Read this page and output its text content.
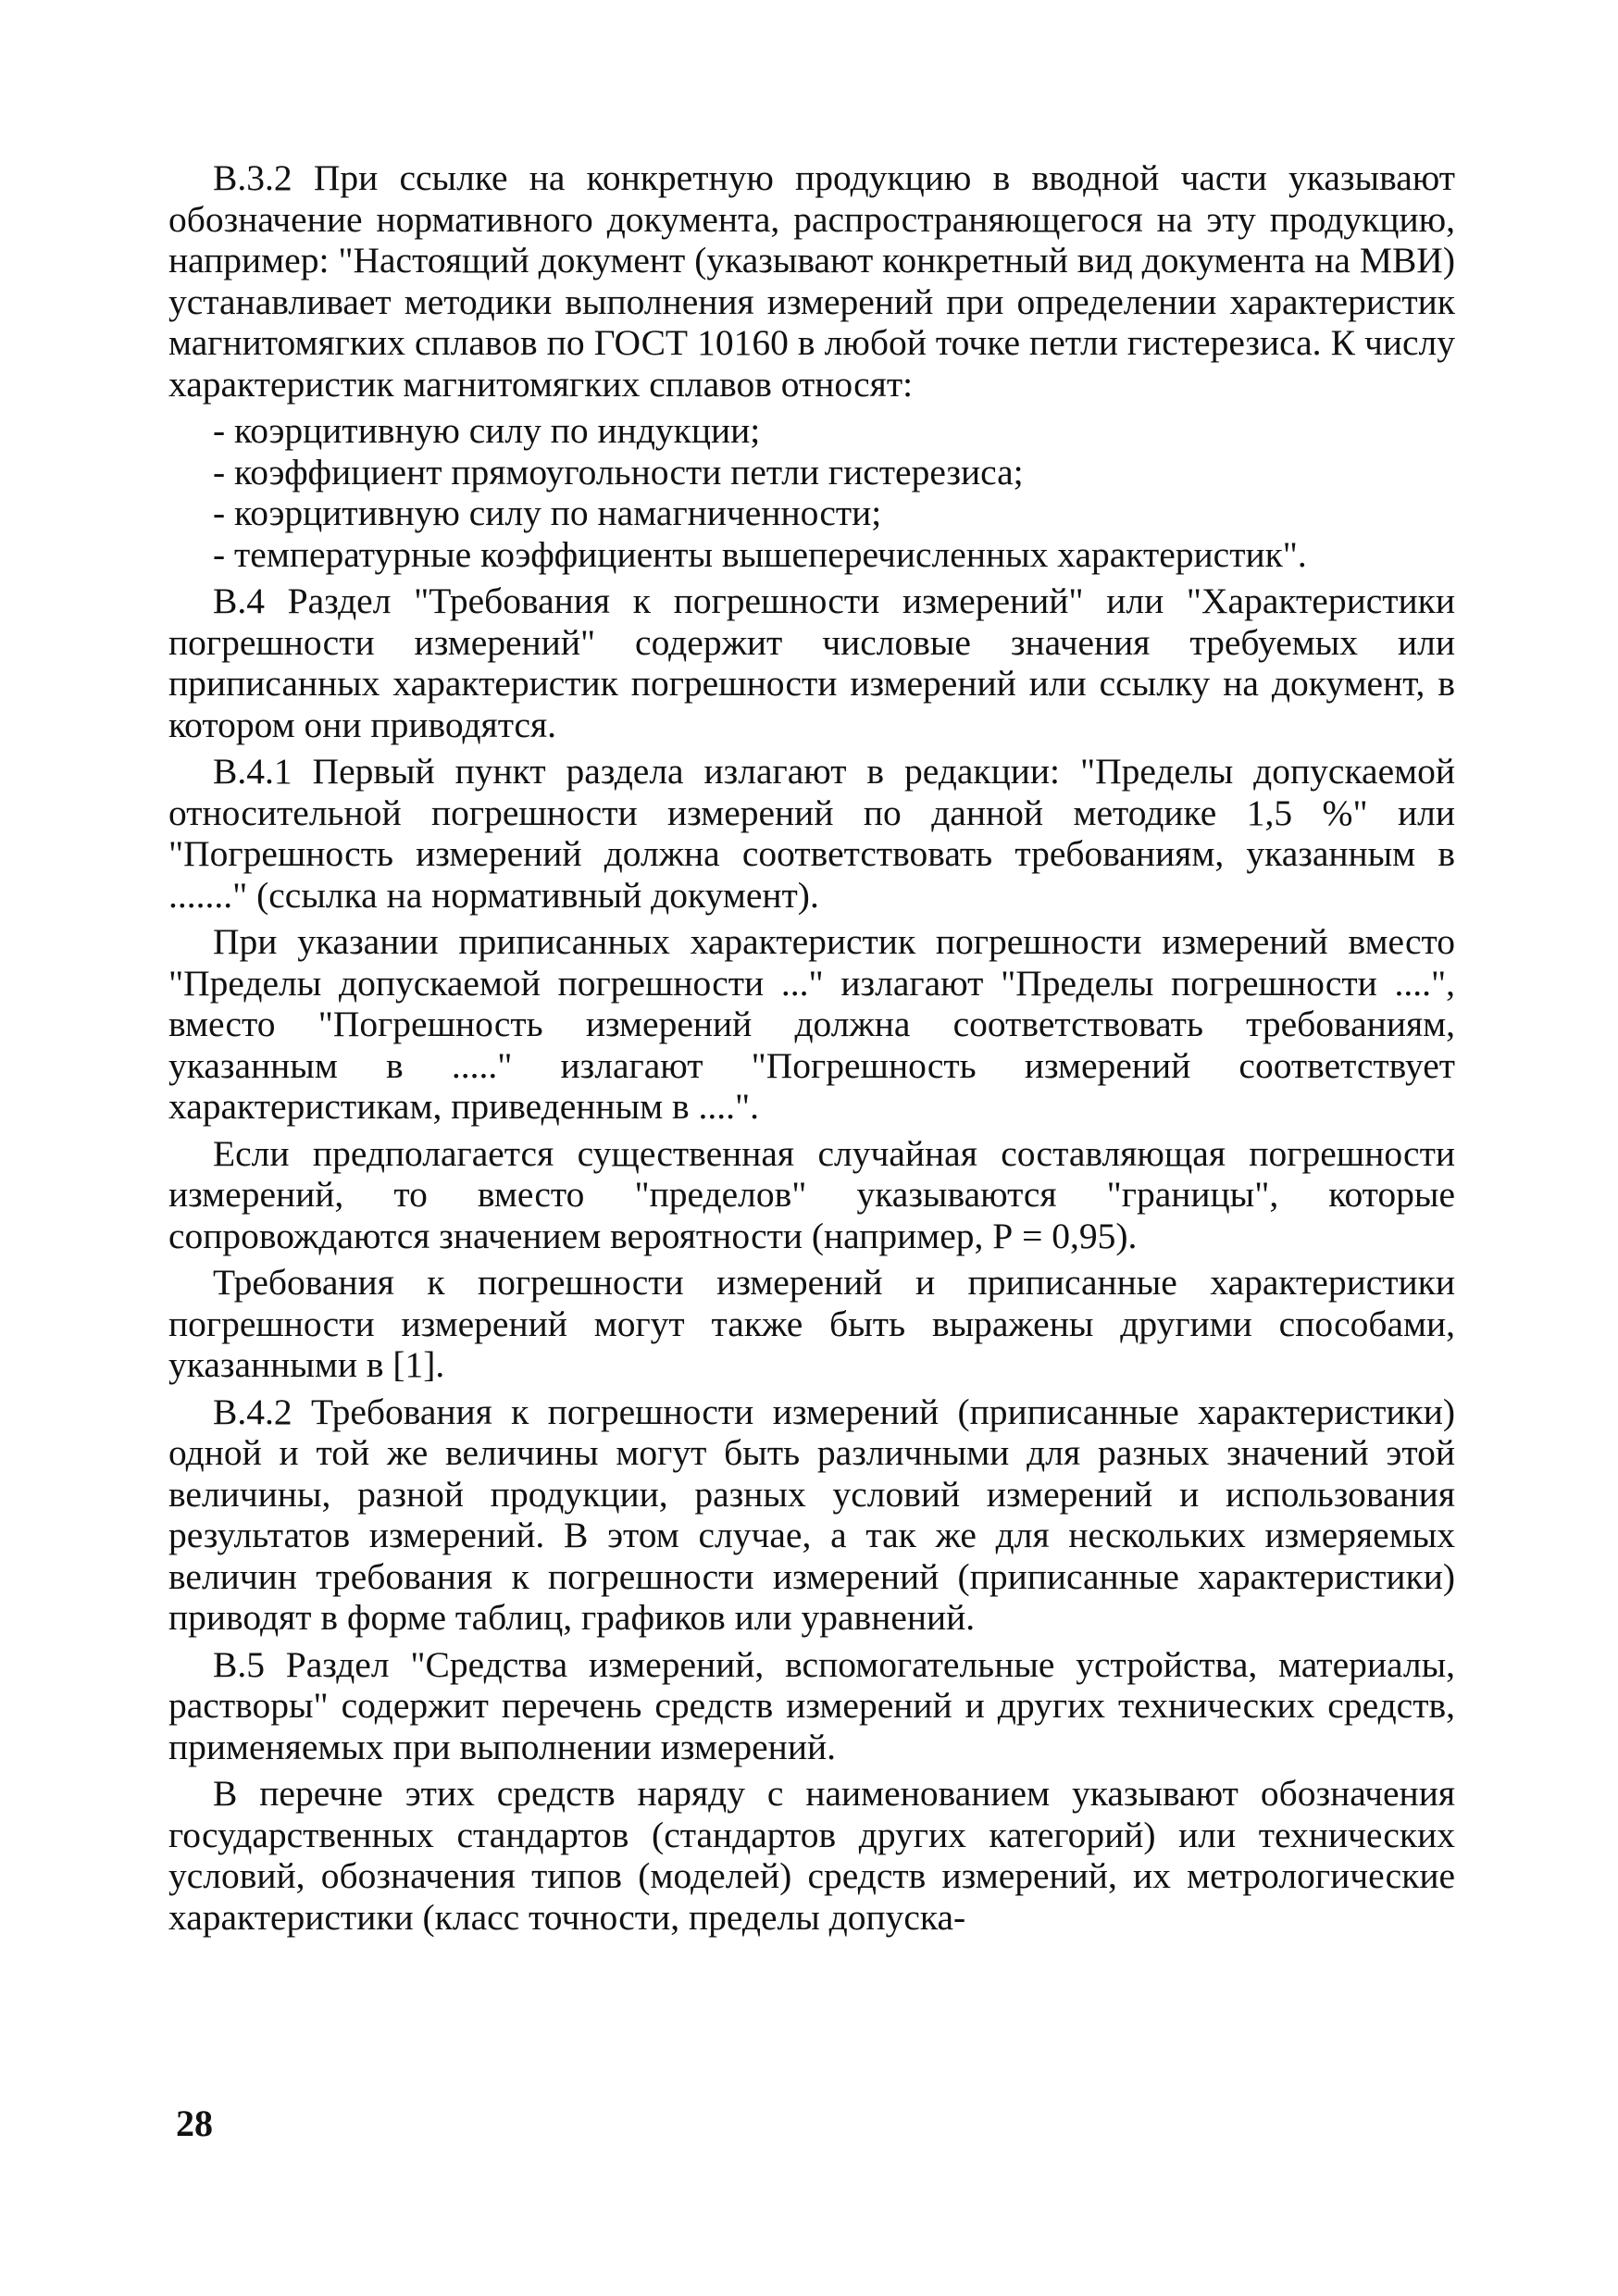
В.3.2 При ссылке на конкретную продукцию в вводной части указывают обозначение нормативного документа, распространяющегося на эту продукцию, например: "Настоящий документ (указывают конкретный вид документа на МВИ) устанавливает методики выполнения измерений при определении характеристик магнитомягких сплавов по ГОСТ 10160 в любой точке петли гистерезиса. К числу характеристик магнитомягких сплавов относят:

- коэрцитивную силу по индукции;

- коэффициент прямоугольности петли гистерезиса;

- коэрцитивную силу по намагниченности;

- температурные коэффициенты вышеперечисленных характеристик".

В.4 Раздел "Требования к погрешности измерений" или "Характеристики погрешности измерений" содержит числовые значения требуемых или приписанных характеристик погрешности измерений или ссылку на документ, в котором они приводятся.

В.4.1 Первый пункт раздела излагают в редакции: "Пределы допускаемой относительной погрешности измерений по данной методике 1,5 %" или "Погрешность измерений должна соответствовать требованиям, указанным в ......." (ссылка на нормативный документ).

При указании приписанных характеристик погрешности измерений вместо "Пределы допускаемой погрешности ..." излагают "Пределы погрешности ....", вместо "Погрешность измерений должна соответствовать требованиям, указанным в ....." излагают "Погрешность измерений соответствует характеристикам, приведенным в ....".

Если предполагается существенная случайная составляющая погрешности измерений, то вместо "пределов" указываются "границы", которые сопровождаются значением вероятности (например, Р = 0,95).

Требования к погрешности измерений и приписанные характеристики погрешности измерений могут также быть выражены другими способами, указанными в [1].

В.4.2 Требования к погрешности измерений (приписанные характеристики) одной и той же величины могут быть различными для разных значений этой величины, разной продукции, разных условий измерений и использования результатов измерений. В этом случае, а так же для нескольких измеряемых величин требования к погрешности измерений (приписанные характеристики) приводят в форме таблиц, графиков или уравнений.

В.5 Раздел "Средства измерений, вспомогательные устройства, материалы, растворы" содержит перечень средств измерений и других технических средств, применяемых при выполнении измерений.

В перечне этих средств наряду с наименованием указывают обозначения государственных стандартов (стандартов других категорий) или технических условий, обозначения типов (моделей) средств измерений, их метрологические характеристики (класс точности, пределы допуска-

28
